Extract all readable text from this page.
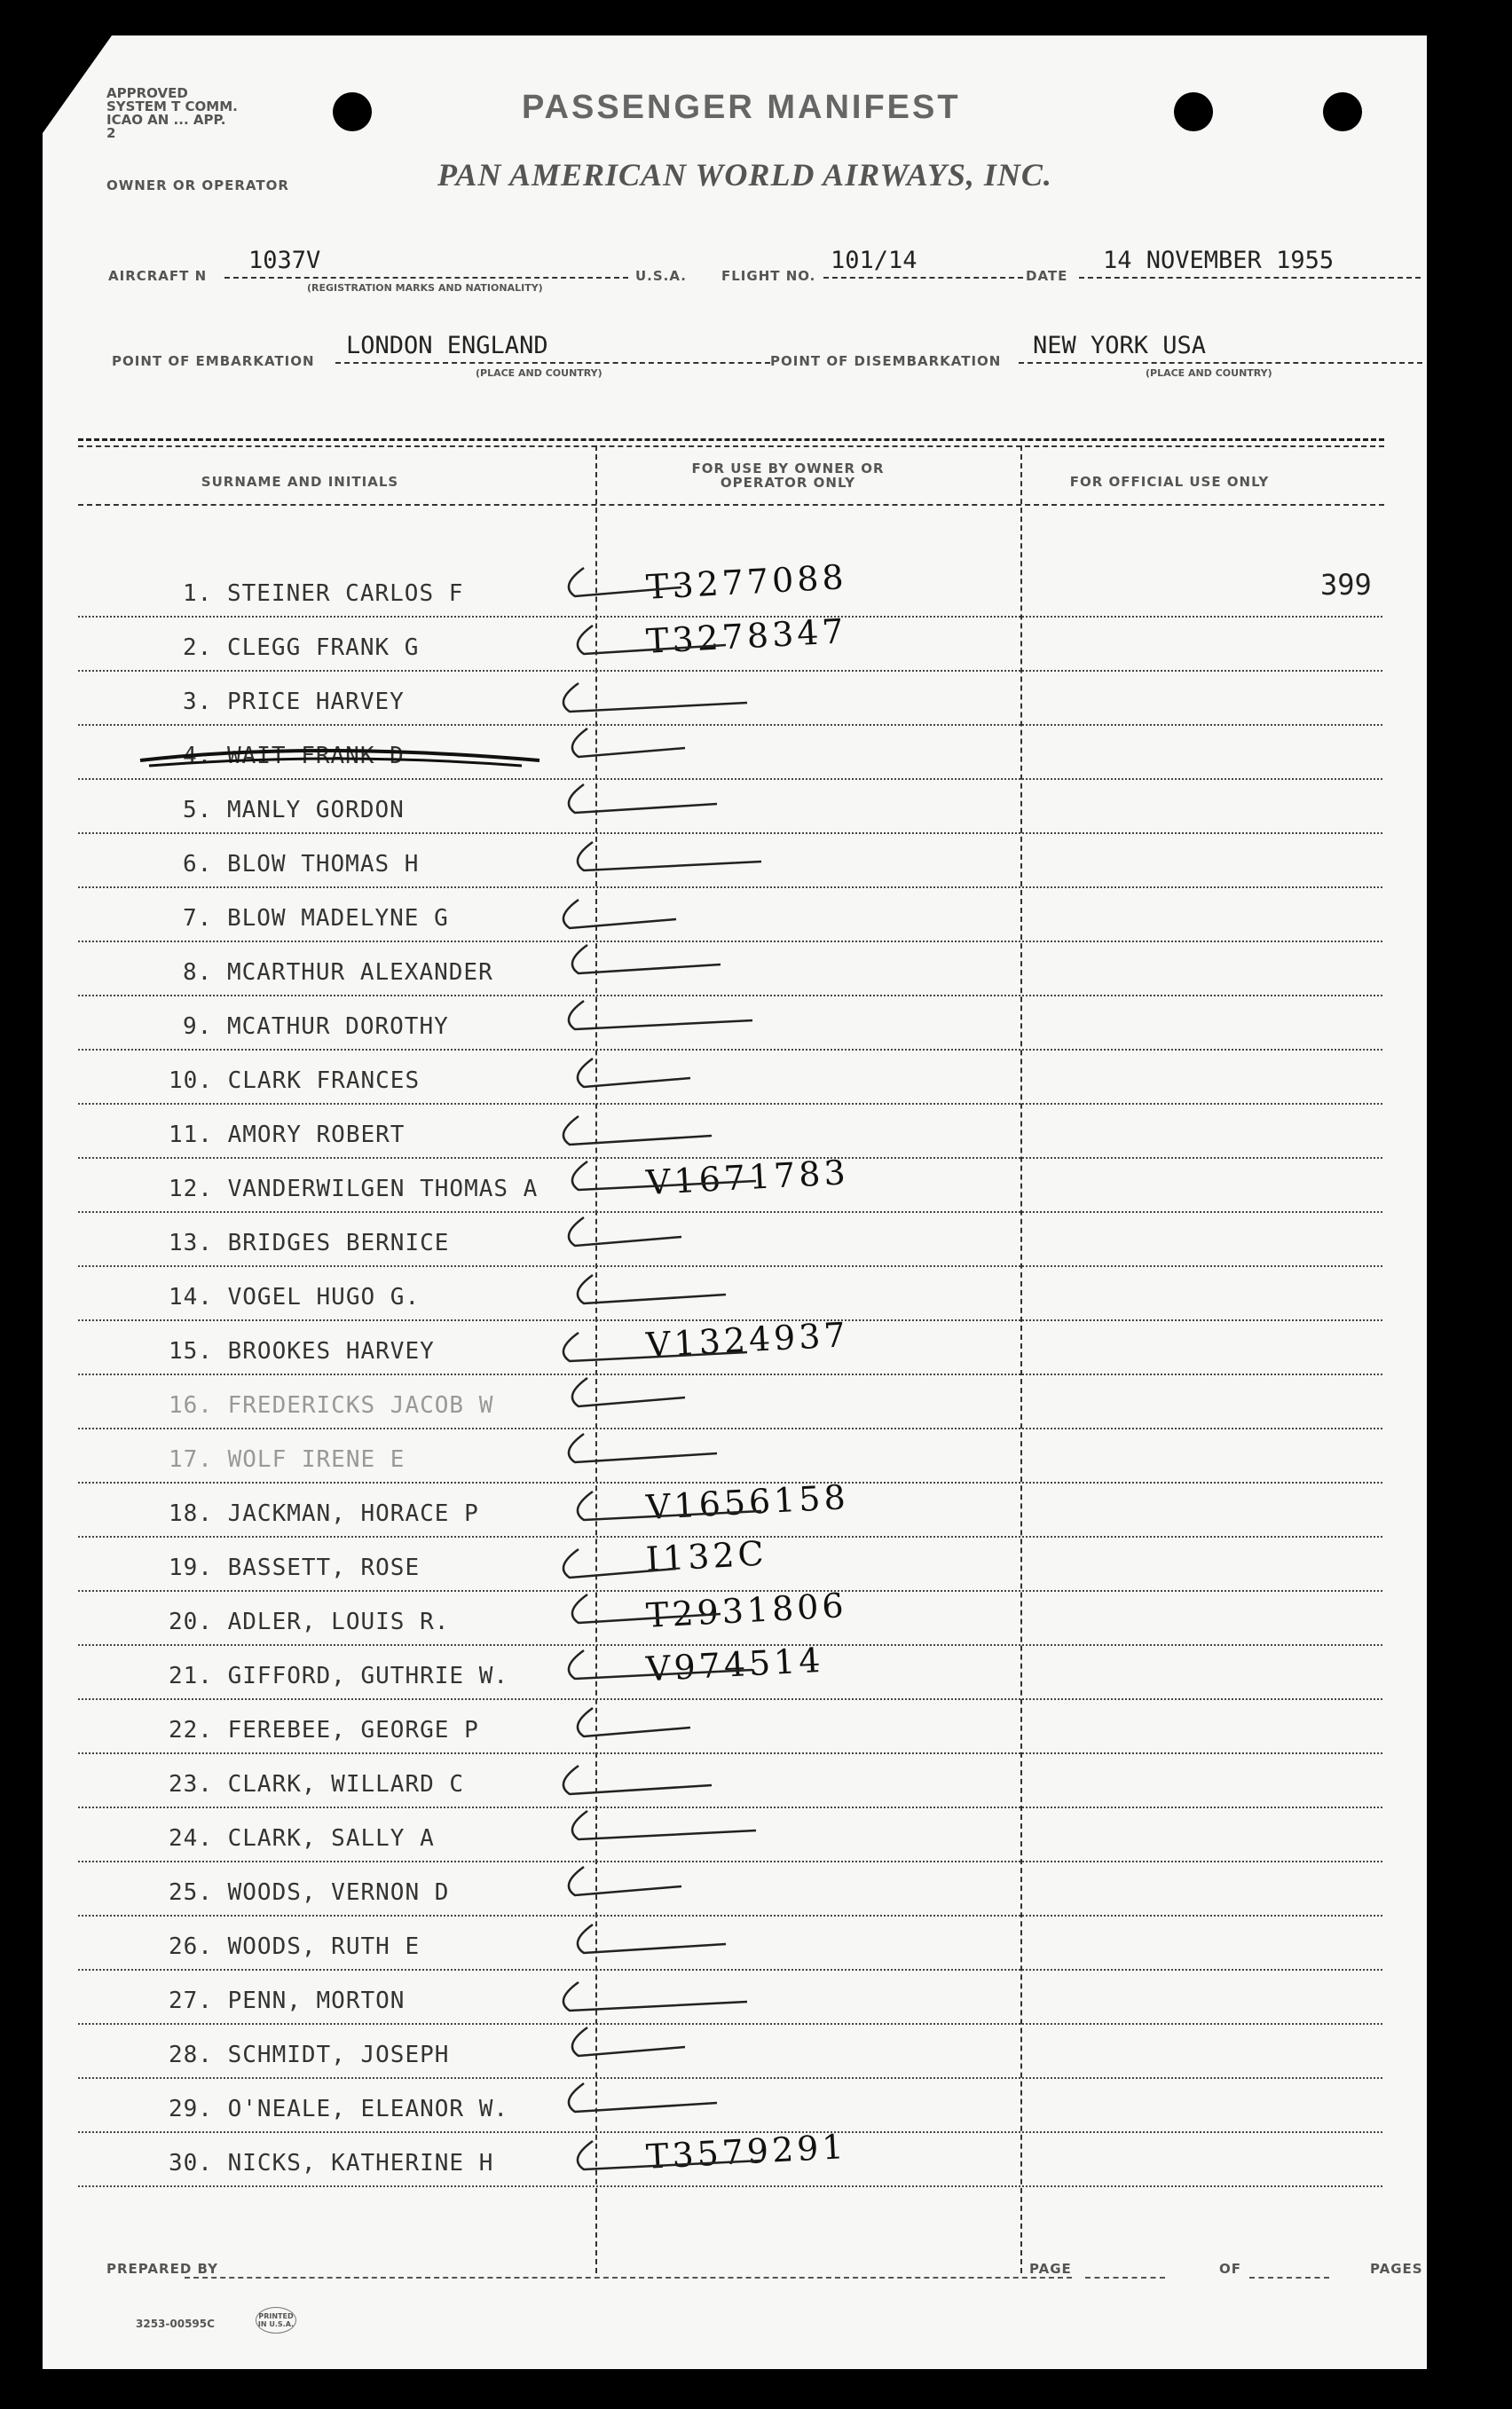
APPROVED
SYSTEM T COMM.
ICAO AN ... APP. 2
PASSENGER MANIFEST
OWNER OR OPERATOR	PAN AMERICAN WORLD AIRWAYS, INC.
AIRCRAFT N
1037V
(REGISTRATION MARKS AND NATIONALITY)
U.S.A.	FLIGHT NO.
101/14
DATE
14 NOVEMBER 1955
POINT OF EMBARKATION
LONDON ENGLAND
(PLACE AND COUNTRY)
POINT OF DISEMBARKATION
NEW YORK USA
(PLACE AND COUNTRY)
SURNAME AND INITIALS
FOR USE BY OWNER OR OPERATOR ONLY	FOR OFFICIAL USE ONLY
1. STEINER CARLOS F	T3277088	399
2. CLEGG FRANK G	T3278347
3. PRICE HARVEY
4. WAIT FRANK D
5. MANLY GORDON
6. BLOW THOMAS H
7. BLOW MADELYNE G
8. MCARTHUR ALEXANDER
9. MCATHUR DOROTHY
10. CLARK FRANCES
11. AMORY ROBERT
12. VANDERWILGEN THOMAS A	V1671783
13. BRIDGES BERNICE
14. VOGEL HUGO G.
15. BROOKES HARVEY	V1324937
16. FREDERICKS JACOB W
17. WOLF IRENE E
18. JACKMAN, HORACE P	V1656158
19. BASSETT, ROSE	I132C
20. ADLER, LOUIS R.	T2931806
21. GIFFORD, GUTHRIE W.	V974514
22. FEREBEE, GEORGE P
23. CLARK, WILLARD C
24. CLARK, SALLY A
25. WOODS, VERNON D
26. WOODS, RUTH E
27. PENN, MORTON
28. SCHMIDT, JOSEPH
29. O'NEALE, ELEANOR W.
30. NICKS, KATHERINE H	T3579291
PREPARED BY	PAGE	OF	PAGES
3253-00595C
PRINTED IN U.S.A.
